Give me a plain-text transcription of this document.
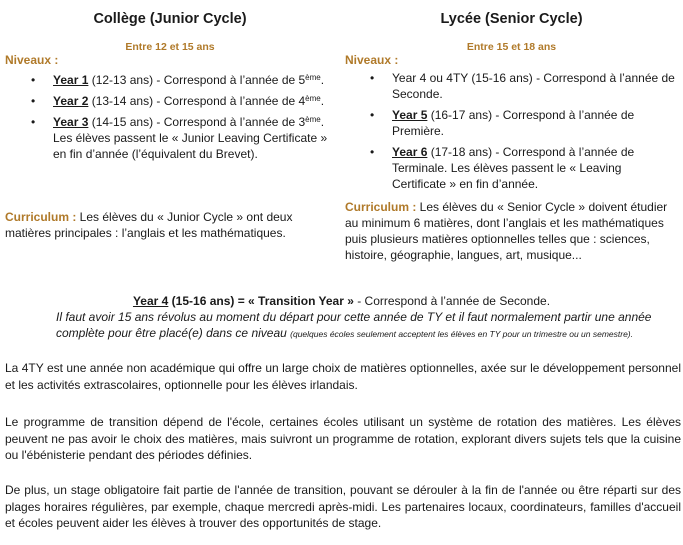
Collège (Junior Cycle)
Entre 12 et 15 ans
Niveaux :
• Year 1 (12-13 ans) - Correspond à l’année de 5ème.
• Year 2 (13-14 ans) - Correspond à l’année de 4ème.
• Year 3 (14-15 ans) - Correspond à l’année de 3ème. Les élèves passent le « Junior Leaving Certificate » en fin d’année (l’équivalent du Brevet).
Curriculum : Les élèves du « Junior Cycle » ont deux matières principales : l’anglais et les mathématiques.
Lycée (Senior Cycle)
Entre 15 et 18 ans
Niveaux :
• Year 4 ou 4TY (15-16 ans) - Correspond à l’année de Seconde.
• Year 5 (16-17 ans) - Correspond à l’année de Première.
• Year 6 (17-18 ans) - Correspond à l’année de Terminale. Les élèves passent le « Leaving Certificate » en fin d’année.
Curriculum : Les élèves du « Senior Cycle » doivent étudier au minimum 6 matières, dont l’anglais et les mathématiques puis plusieurs matières optionnelles telles que : sciences, histoire, géographie, langues, art, musique...
Year 4 (15-16 ans) = « Transition Year » - Correspond à l’année de Seconde.
Il faut avoir 15 ans révolus au moment du départ pour cette année de TY et il faut normalement partir une année complète pour être placé(e) dans ce niveau (quelques écoles seulement acceptent les élèves en TY pour un trimestre ou un semestre).
La 4TY est une année non académique qui offre un large choix de matières optionnelles, axée sur le développement personnel et les activités extrascolaires, optionnelle pour les élèves irlandais.
Le programme de transition dépend de l'école, certaines écoles utilisant un système de rotation des matières. Les élèves peuvent ne pas avoir le choix des matières, mais suivront un programme de rotation, explorant divers sujets tels que la cuisine ou l'ébénisterie pendant des périodes définies.
De plus, un stage obligatoire fait partie de l'année de transition, pouvant se dérouler à la fin de l'année ou être réparti sur des plages horaires régulières, par exemple, chaque mercredi après-midi. Les partenaires locaux, coordinateurs, familles d'accueil et écoles peuvent aider les élèves à trouver des opportunités de stage.
